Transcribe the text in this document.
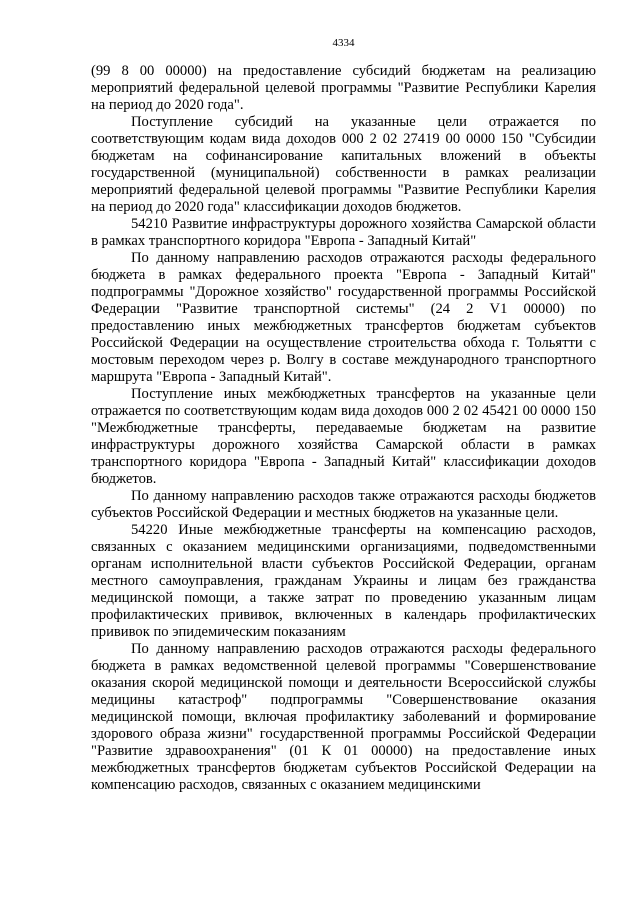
4334

(99 8 00 00000) на предоставление субсидий бюджетам на реализацию мероприятий федеральной целевой программы "Развитие Республики Карелия на период до 2020 года".

Поступление субсидий на указанные цели отражается по соответствующим кодам вида доходов 000 2 02 27419 00 0000 150 "Субсидии бюджетам на софинансирование капитальных вложений в объекты государственной (муниципальной) собственности в рамках реализации мероприятий федеральной целевой программы "Развитие Республики Карелия на период до 2020 года" классификации доходов бюджетов.

54210 Развитие инфраструктуры дорожного хозяйства Самарской области в рамках транспортного коридора "Европа - Западный Китай"

По данному направлению расходов отражаются расходы федерального бюджета в рамках федерального проекта "Европа - Западный Китай" подпрограммы "Дорожное хозяйство" государственной программы Российской Федерации "Развитие транспортной системы" (24 2 V1 00000) по предоставлению иных межбюджетных трансфертов бюджетам субъектов Российской Федерации на осуществление строительства обхода г. Тольятти с мостовым переходом через р. Волгу в составе международного транспортного маршрута "Европа - Западный Китай".

Поступление иных межбюджетных трансфертов на указанные цели отражается по соответствующим кодам вида доходов 000 2 02 45421 00 0000 150 "Межбюджетные трансферты, передаваемые бюджетам на развитие инфраструктуры дорожного хозяйства Самарской области в рамках транспортного коридора "Европа - Западный Китай" классификации доходов бюджетов.

По данному направлению расходов также отражаются расходы бюджетов субъектов Российской Федерации и местных бюджетов на указанные цели.

54220 Иные межбюджетные трансферты на компенсацию расходов, связанных с оказанием медицинскими организациями, подведомственными органам исполнительной власти субъектов Российской Федерации, органам местного самоуправления, гражданам Украины и лицам без гражданства медицинской помощи, а также затрат по проведению указанным лицам профилактических прививок, включенных в календарь профилактических прививок по эпидемическим показаниям

По данному направлению расходов отражаются расходы федерального бюджета в рамках ведомственной целевой программы "Совершенствование оказания скорой медицинской помощи и деятельности Всероссийской службы медицины катастроф" подпрограммы "Совершенствование оказания медицинской помощи, включая профилактику заболеваний и формирование здорового образа жизни" государственной программы Российской Федерации "Развитие здравоохранения" (01 К 01 00000) на предоставление иных межбюджетных трансфертов бюджетам субъектов Российской Федерации на компенсацию расходов, связанных с оказанием медицинскими
